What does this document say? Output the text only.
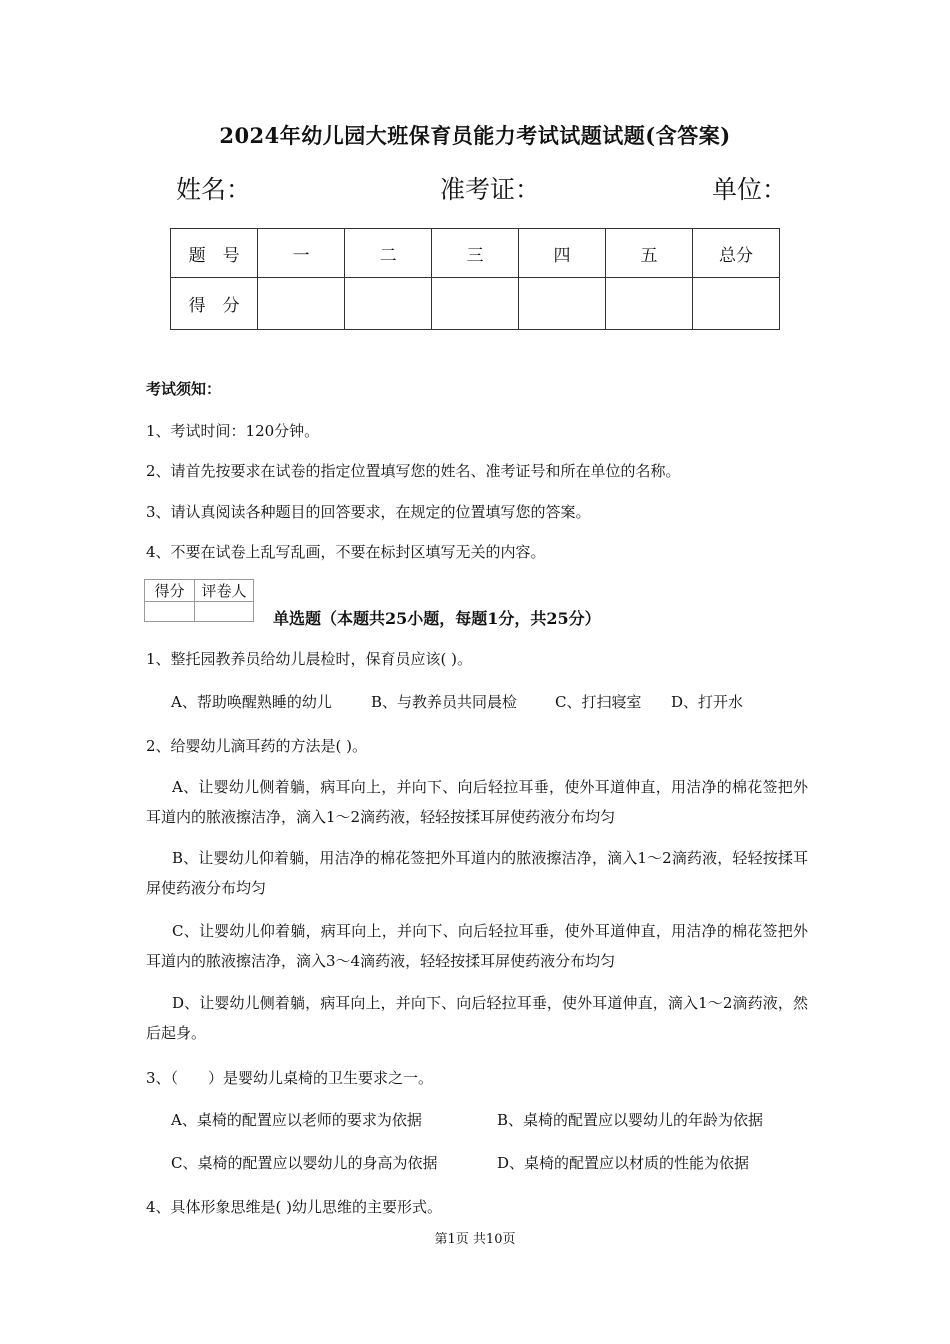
2024年幼儿园大班保育员能力考试试题试题(含答案)
姓名：	准考证：	单位：
题　号	一	二	三	四	五	总分
得　分						
考试须知：
1、考试时间：120分钟。
2、请首先按要求在试卷的指定位置填写您的姓名、准考证号和所在单位的名称。
3、请认真阅读各种题目的回答要求，在规定的位置填写您的答案。
4、不要在试卷上乱写乱画，不要在标封区填写无关的内容。
得分	评卷人

单选题（本题共25小题，每题1分，共25分）
1、整托园教养员给幼儿晨检时，保育员应该( )。
A、帮助唤醒熟睡的幼儿	B、与教养员共同晨检	C、打扫寝室 D、打开水
2、给婴幼儿滴耳药的方法是( )。
A、让婴幼儿侧着躺，病耳向上，并向下、向后轻拉耳垂，使外耳道伸直，用洁净的棉花签把外耳道内的脓液擦洁净，滴入1～2滴药液，轻轻按揉耳屏使药液分布均匀
B、让婴幼儿仰着躺，用洁净的棉花签把外耳道内的脓液擦洁净，滴入1～2滴药液，轻轻按揉耳屏使药液分布均匀
C、让婴幼儿仰着躺，病耳向上，并向下、向后轻拉耳垂，使外耳道伸直，用洁净的棉花签把外耳道内的脓液擦洁净，滴入3～4滴药液，轻轻按揉耳屏使药液分布均匀
D、让婴幼儿侧着躺，病耳向上，并向下、向后轻拉耳垂，使外耳道伸直，滴入1～2滴药液，然后起身。
3、（　　）是婴幼儿桌椅的卫生要求之一。
A、桌椅的配置应以老师的要求为依据	B、桌椅的配置应以婴幼儿的年龄为依据
C、桌椅的配置应以婴幼儿的身高为依据	D、桌椅的配置应以材质的性能为依据
4、具体形象思维是( )幼儿思维的主要形式。
第1页 共10页
